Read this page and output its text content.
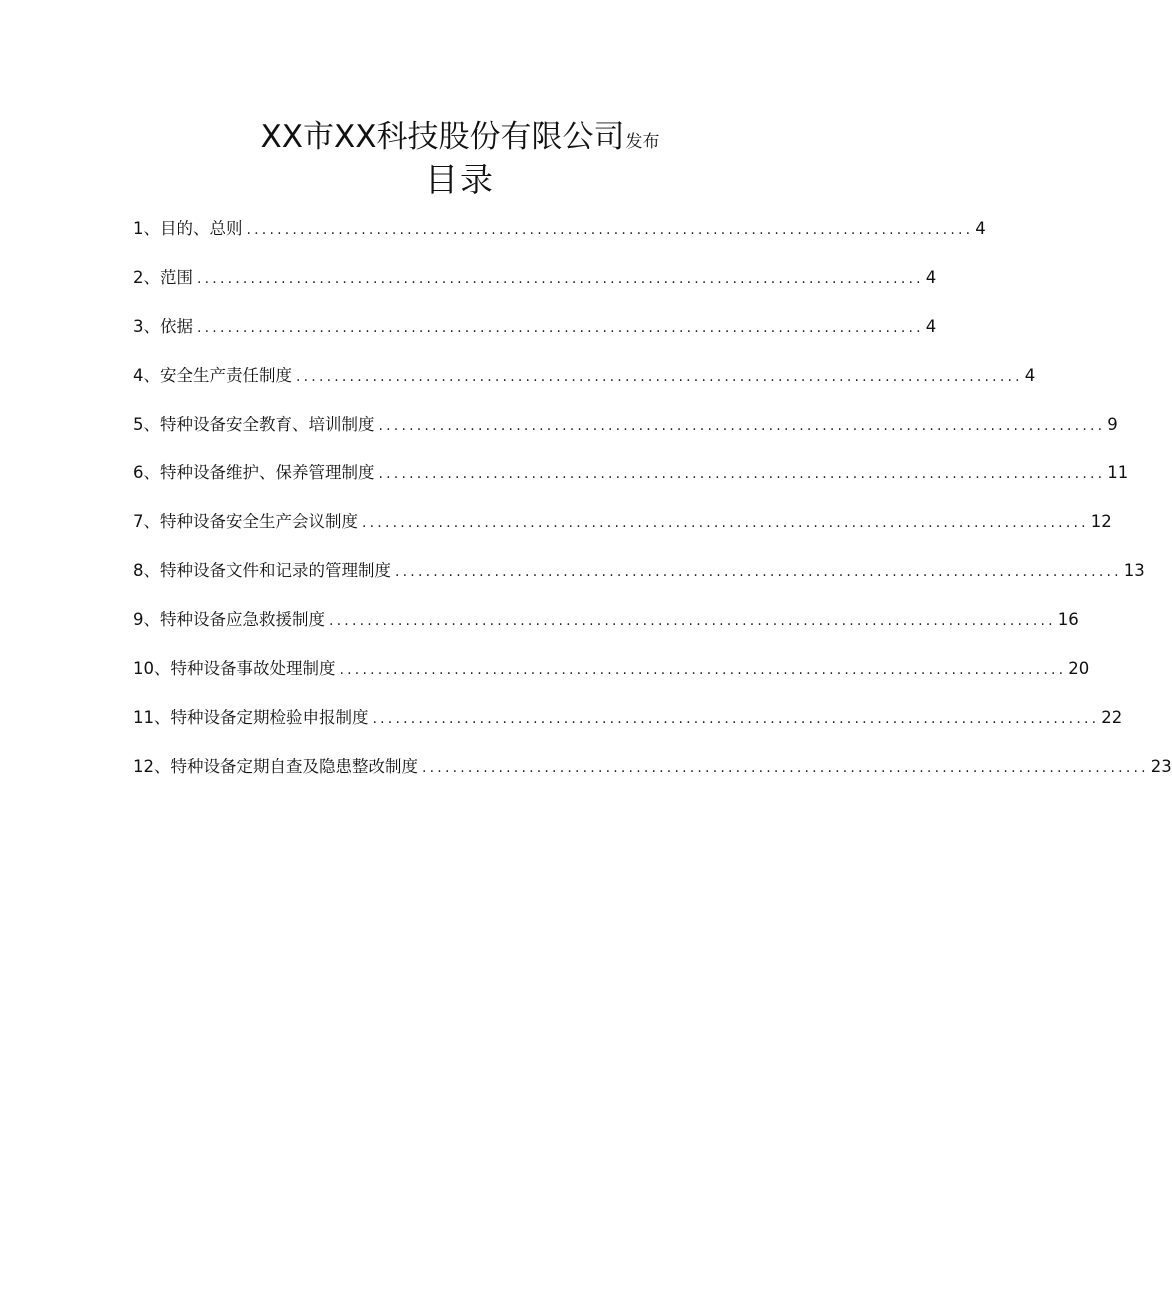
XX市XX科技股份有限公司发布
目录
1、目的、总则 ............................................................................................... 4
2、范围 ............................................................................................... 4
3、依据 ............................................................................................... 4
4、安全生产责任制度 ............................................................................................... 4
5、特种设备安全教育、培训制度 ............................................................................................... 9
6、特种设备维护、保养管理制度 ............................................................................................... 11
7、特种设备安全生产会议制度 ............................................................................................... 12
8、特种设备文件和记录的管理制度 ............................................................................................... 13
9、特种设备应急救援制度 ............................................................................................... 16
10、特种设备事故处理制度 ............................................................................................... 20
11、特种设备定期检验申报制度 ............................................................................................... 22
12、特种设备定期自查及隐患整改制度 ............................................................................................... 23
